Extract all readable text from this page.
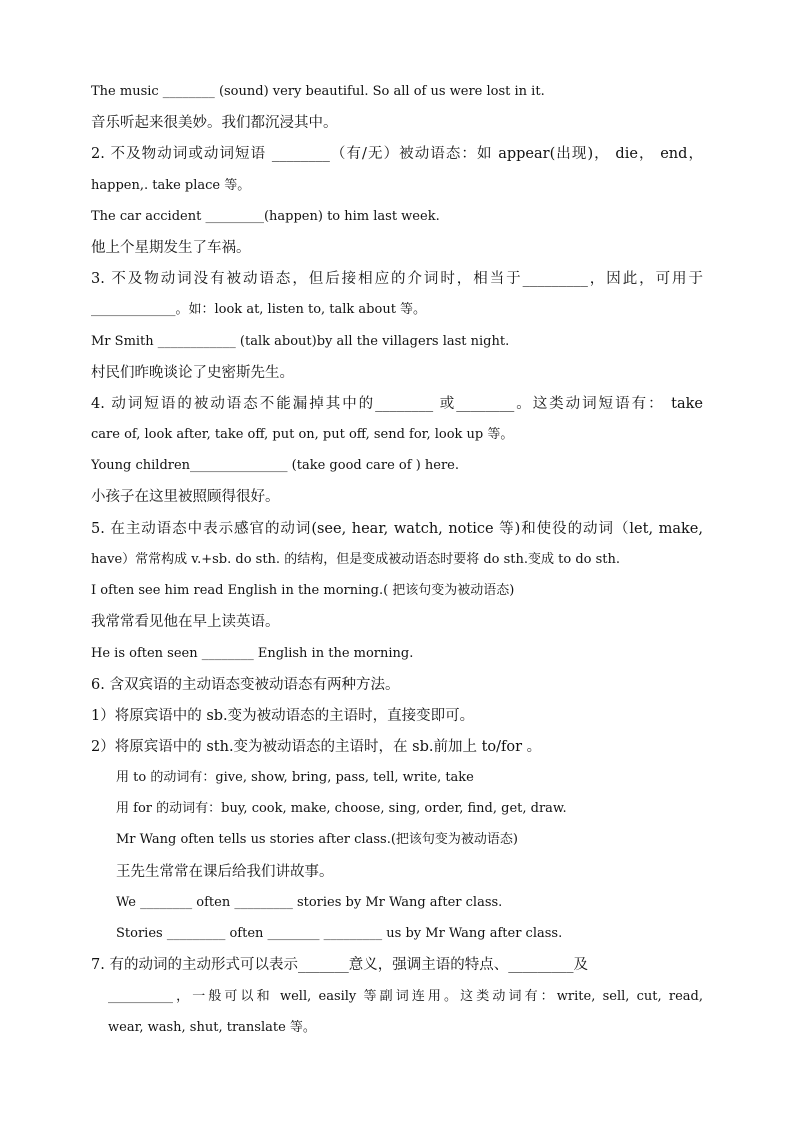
The music ________ (sound) very beautiful. So all of us were lost in it.
音乐听起来很美妙。我们都沉浸其中。
2. 不及物动词或动词短语 ________（有/无）被动语态：如 appear(出现)， die， end，
happen,. take place 等。
The car accident _________(happen) to him last week.
他上个星期发生了车祸。
3. 不及物动词没有被动语态，但后接相应的介词时，相当于_________，因此，可用于
_____________。如：look at, listen to, talk about 等。
Mr Smith ____________ (talk about)by all the villagers last night.
村民们昨晚谈论了史密斯先生。
4. 动词短语的被动语态不能漏掉其中的________ 或________。这类动词短语有： take
care of, look after, take off, put on, put off, send for, look up 等。
Young children_______________ (take good care of ) here.
小孩子在这里被照顾得很好。
5. 在主动语态中表示感官的动词(see, hear, watch, notice 等)和使役的动词（let, make,
have）常常构成 v.+sb. do sth. 的结构，但是变成被动语态时要将 do sth.变成 to do sth.
I often see him read English in the morning.( 把该句变为被动语态)
我常常看见他在早上读英语。
He is often seen ________ English in the morning.
6. 含双宾语的主动语态变被动语态有两种方法。
1）将原宾语中的 sb.变为被动语态的主语时，直接变即可。
2）将原宾语中的 sth.变为被动语态的主语时，在 sb.前加上 to/for 。
用 to 的动词有：give, show, bring, pass, tell, write, take
用 for 的动词有：buy, cook, make, choose, sing, order, find, get, draw.
Mr Wang often tells us stories after class.(把该句变为被动语态)
王先生常常在课后给我们讲故事。
We ________ often _________ stories by Mr Wang after class.
Stories _________ often ________ _________ us by Mr Wang after class.
7. 有的动词的主动形式可以表示_______意义，强调主语的特点、_________及
__________，一般可以和 well, easily 等副词连用。这类动词有：write, sell, cut, read,
wear, wash, shut, translate 等。
